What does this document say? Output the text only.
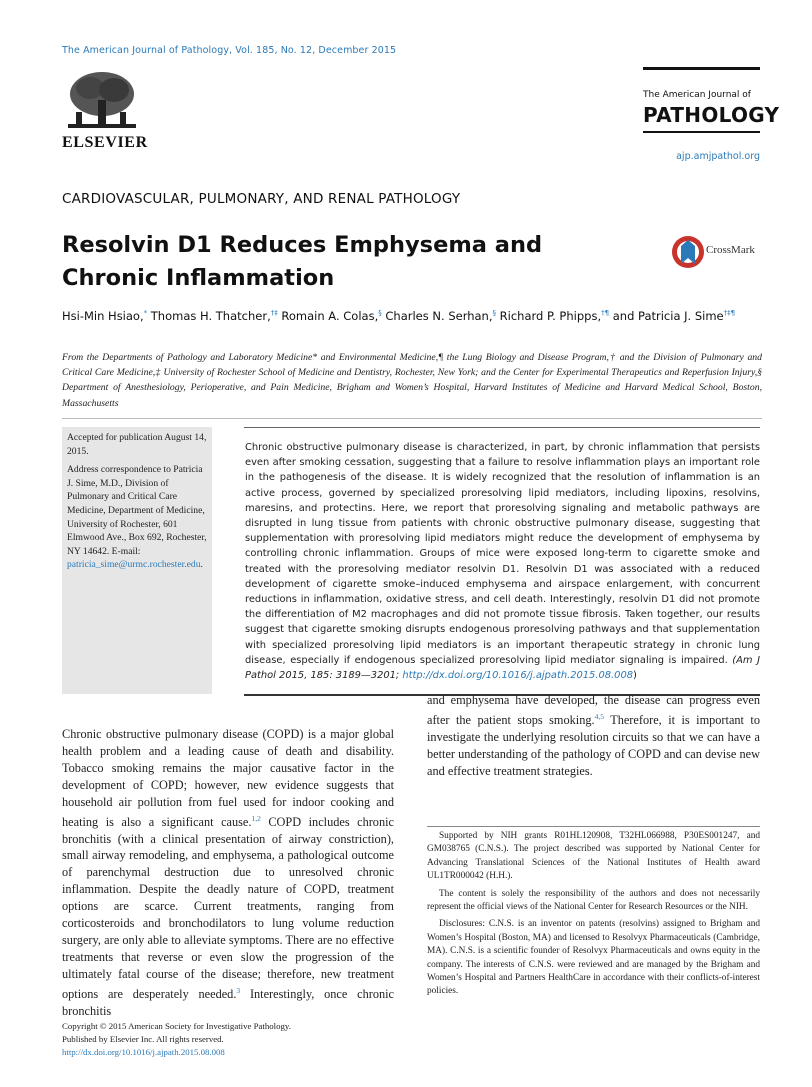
The American Journal of Pathology, Vol. 185, No. 12, December 2015
ELSEVIER
The American Journal of
PATHOLOGY
ajp.amjpathol.org
CARDIOVASCULAR, PULMONARY, AND RENAL PATHOLOGY
Resolvin D1 Reduces Emphysema and Chronic Inflammation
CrossMark
Hsi-Min Hsiao,* Thomas H. Thatcher,†‡ Romain A. Colas,§ Charles N. Serhan,§ Richard P. Phipps,†¶ and Patricia J. Sime†‡¶
From the Departments of Pathology and Laboratory Medicine* and Environmental Medicine,¶ the Lung Biology and Disease Program,† and the Division of Pulmonary and Critical Care Medicine,‡ University of Rochester School of Medicine and Dentistry, Rochester, New York; and the Center for Experimental Therapeutics and Reperfusion Injury,§ Department of Anesthesiology, Perioperative, and Pain Medicine, Brigham and Women’s Hospital, Harvard Institutes of Medicine and Harvard Medical School, Boston, Massachusetts

Accepted for publication August 14, 2015.

Address correspondence to Patricia J. Sime, M.D., Division of Pulmonary and Critical Care Medicine, Department of Medicine, University of Rochester, 601 Elmwood Ave., Box 692, Rochester, NY 14642. E-mail: patricia_sime@urmc.rochester.edu.

Chronic obstructive pulmonary disease is characterized, in part, by chronic inflammation that persists even after smoking cessation, suggesting that a failure to resolve inflammation plays an important role in the pathogenesis of the disease. It is widely recognized that the resolution of inflammation is an active process, governed by specialized proresolving lipid mediators, including lipoxins, resolvins, maresins, and protectins. Here, we report that proresolving signaling and metabolic pathways are disrupted in lung tissue from patients with chronic obstructive pulmonary disease, suggesting that supplementation with proresolving lipid mediators might reduce the development of emphysema by controlling chronic inflammation. Groups of mice were exposed long-term to cigarette smoke and treated with the proresolving mediator resolvin D1. Resolvin D1 was associated with a reduced development of cigarette smoke–induced emphysema and airspace enlargement, with concurrent reductions in inflammation, oxidative stress, and cell death. Interestingly, resolvin D1 did not promote the differentiation of M2 macrophages and did not promote tissue fibrosis. Taken together, our results suggest that cigarette smoking disrupts endogenous proresolving pathways and that supplementation with specialized proresolving lipid mediators is an important therapeutic strategy in chronic lung disease, especially if endogenous specialized proresolving lipid mediator signaling is impaired. (Am J Pathol 2015, 185: 3189—3201; http://dx.doi.org/10.1016/j.ajpath.2015.08.008)
Chronic obstructive pulmonary disease (COPD) is a major global health problem and a leading cause of death and disability. Tobacco smoking remains the major causative factor in the development of COPD; however, new evidence suggests that household air pollution from fuel used for indoor cooking and heating is also a significant cause.$^{1,2}$ COPD includes chronic bronchitis (with a clinical presentation of airway constriction), small airway remodeling, and emphysema, a pathological outcome of parenchymal destruction due to unresolved chronic inflammation. Despite the deadly nature of COPD, treatment options are scarce. Current treatments, ranging from corticosteroids and bronchodilators to lung volume reduction surgery, are only able to alleviate symptoms. There are no effective treatments that reverse or even slow the progression of the ultimately fatal course of the disease; therefore, new treatment options are desperately needed.$^3$ Interestingly, once chronic bronchitis
and emphysema have developed, the disease can progress even after the patient stops smoking.$^{4,5}$ Therefore, it is important to investigate the underlying resolution circuits so that we can have a better understanding of the pathology of COPD and can devise new and effective treatment strategies.

Supported by NIH grants R01HL120908, T32HL066988, P30ES001247, and GM038765 (C.N.S.). The project described was supported by National Center for Advancing Translational Sciences of the National Institutes of Health award UL1TR000042 (H.H.).

The content is solely the responsibility of the authors and does not necessarily represent the official views of the National Center for Research Resources or the NIH.

Disclosures: C.N.S. is an inventor on patents (resolvins) assigned to Brigham and Women’s Hospital (Boston, MA) and licensed to Resolvyx Pharmaceuticals (Cambridge, MA). C.N.S. is a scientific founder of Resolvyx Pharmaceuticals and owns equity in the company. The interests of C.N.S. were reviewed and are managed by the Brigham and Women’s Hospital and Partners HealthCare in accordance with their conflicts-of-interest policies.

Copyright © 2015 American Society for Investigative Pathology.
Published by Elsevier Inc. All rights reserved.
http://dx.doi.org/10.1016/j.ajpath.2015.08.008
